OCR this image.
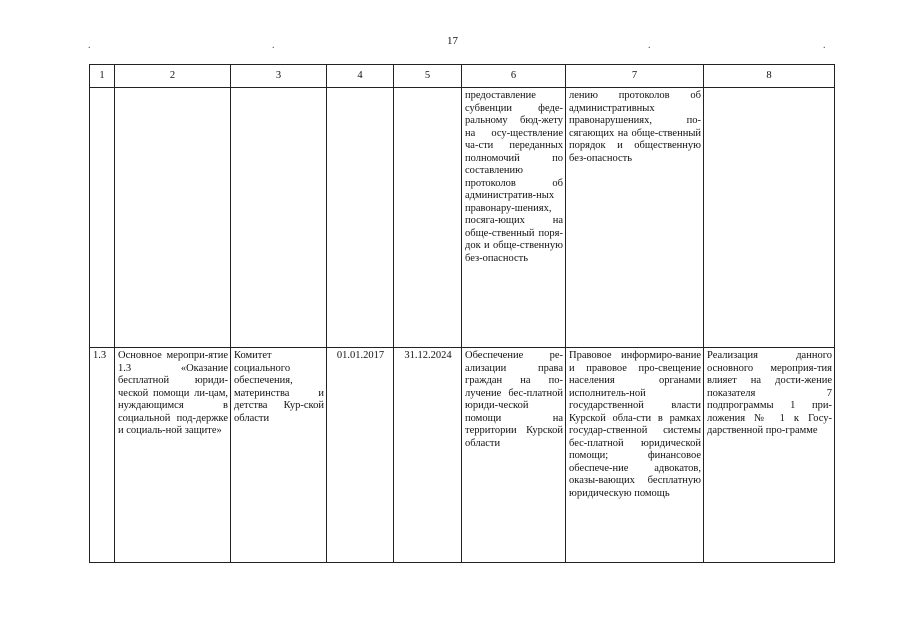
17
.	.	.	.
1	2	3	4	5	6	7	8
					предоставление субвенции феде-ральному бюд-жету на осу-ществление ча-сти переданных полномочий по составлению протоколов об административ-ных правонару-шениях, посяга-ющих на обще-ственный поря-док и обще-ственную без-опасность	лению протоколов об административных правонарушениях, по-сягающих на обще-ственный порядок и общественную без-опасность	
1.3	Основное меропри-ятие 1.3 «Оказание бесплатной юриди-ческой помощи ли-цам, нуждающимся в социальной под-держке и социаль-ной защите»	Комитет социального обеспечения, материнства и детства Кур-ской области	01.01.2017	31.12.2024	Обеспечение ре-ализации права граждан на по-лучение бес-платной юриди-ческой помощи на территории Курской области	Правовое информиро-вание и правовое про-свещение населения органами исполнитель-ной государственной власти Курской обла-сти в рамках государ-ственной системы бес-платной юридической помощи; финансовое обеспече-ние адвокатов, оказы-вающих бесплатную юридическую помощь	Реализация данного основного мероприя-тия влияет на дости-жение показателя 7 подпрограммы 1 при-ложения № 1 к Госу-дарственной про-грамме
